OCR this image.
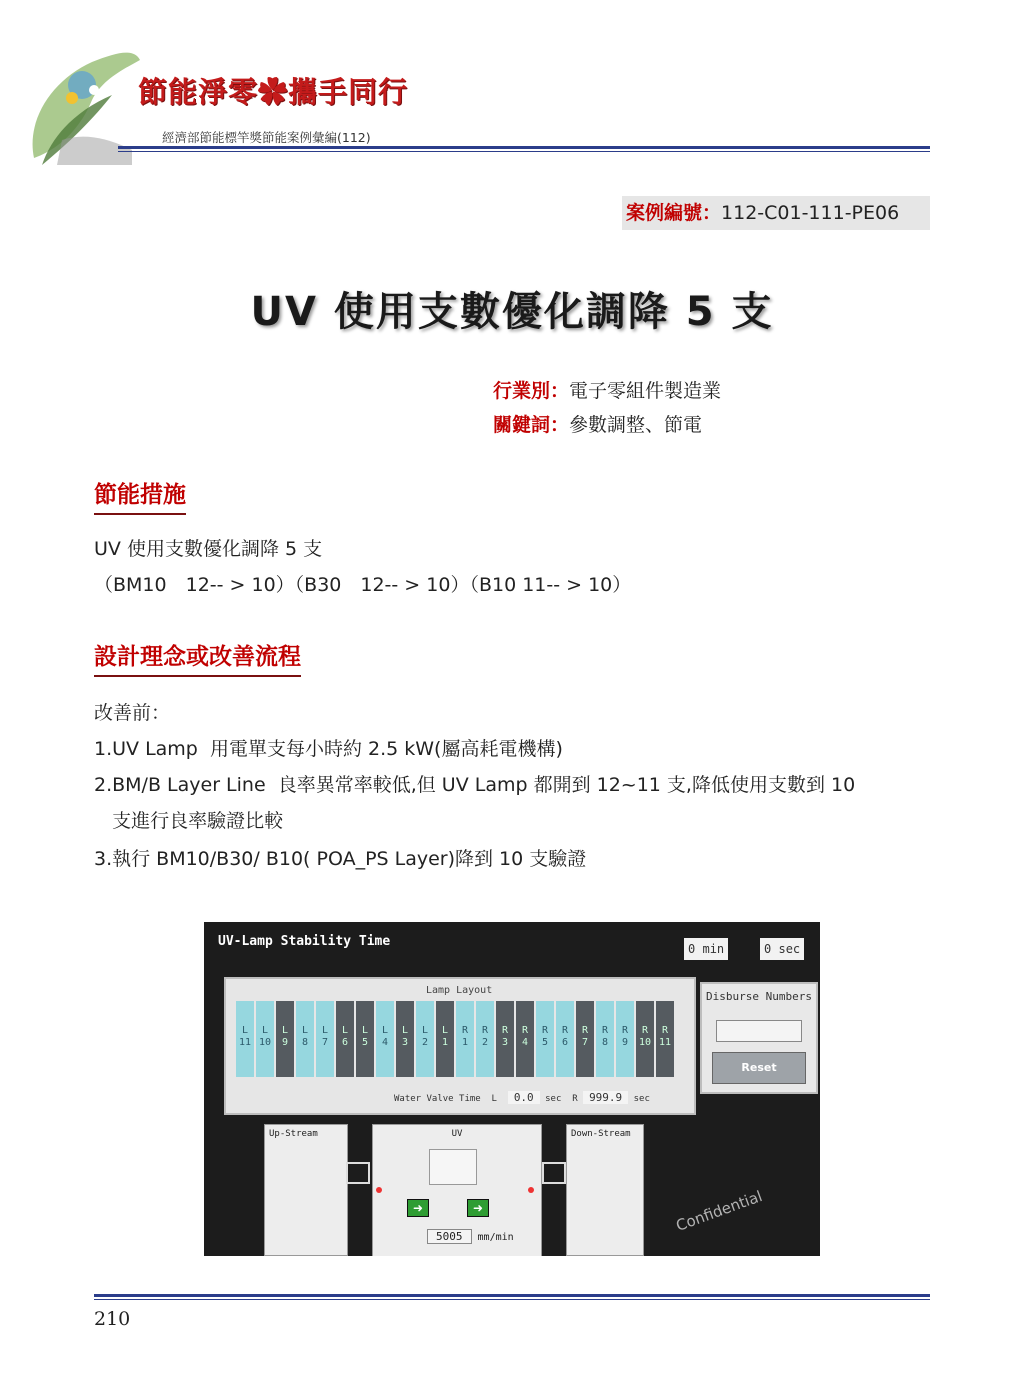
節能淨零✿攜手同行
經濟部節能標竿獎節能案例彙編(112)
案例編號：112-C01-111-PE06
UV 使用支數優化調降 5 支
行業別：電子零組件製造業
關鍵詞：參數調整、節電
節能措施
UV 使用支數優化調降 5 支
（BM10　12-- > 10）（B30　12-- > 10）（B10 11-- > 10）
設計理念或改善流程
改善前：
1.UV Lamp  用電單支每小時約 2.5 kW(屬高耗電機構)
2.BM/B Layer Line  良率異常率較低,但 UV Lamp 都開到 12~11 支,降低使用支數到 10
支進行良率驗證比較
3.執行 BM10/B30/ B10( POA_PS Layer)降到 10 支驗證
UV-Lamp Stability Time	0 min	0 sec
Lamp Layout
L
11
L
10
L
9
L
8
L
7
L
6
L
5
L
4
L
3
L
2
L
1
R
1
R
2
R
3
R
4
R
5
R
6
R
7
R
8
R
9
R
10
R
11
Water Valve Time L 0.0 sec R 999.9 sec
Disburse Numbers
Reset
Up-Stream	UV
➜	➜
5005 mm/min
Down-Stream
Confidential
210
